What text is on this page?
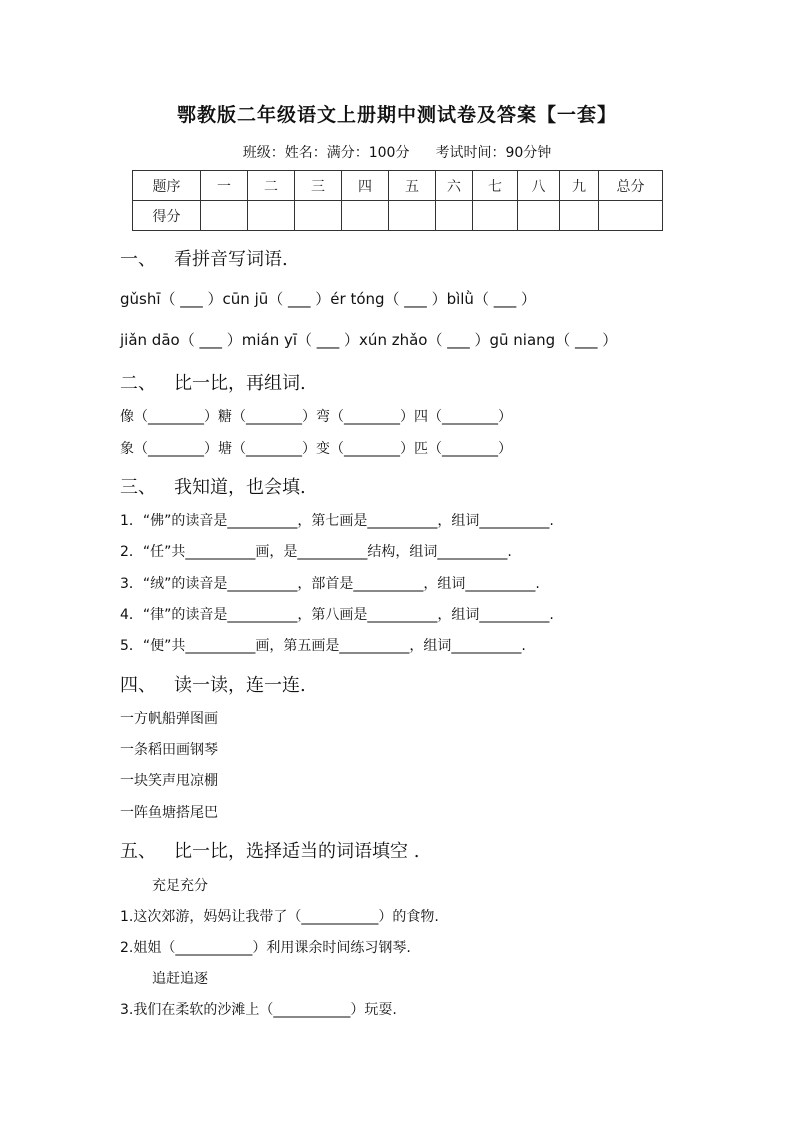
鄂教版二年级语文上册期中测试卷及答案【一套】
班级：姓名：满分：100分 考试时间：90分钟
题序	一	二	三	四	五	六	七	八	九	总分
得分										
一、 看拼音写词语.
gǔshī（ ___ ）cūn jū（ ___ ）ér tóng（ ___ ）bìlǜ（ ___ ）
jiǎn dāo（ ___ ）mián yī（ ___ ）xún zhǎo（ ___ ）gū niang（ ___ ）
二、 比一比，再组词.
像（________）糖（________）弯（________）四（________）
象（________）塘（________）变（________）匹（________）
三、 我知道，也会填.
1．“佛”的读音是__________，第七画是__________，组词__________.
2．“任”共__________画，是__________结构，组词__________.
3．“绒”的读音是__________，部首是__________，组词__________.
4．“律”的读音是__________，第八画是__________，组词__________.
5．“便”共__________画，第五画是__________，组词__________.
四、 读一读，连一连.
一方帆船弹图画
一条稻田画钢琴
一块笑声甩凉棚
一阵鱼塘搭尾巴
五、 比一比，选择适当的词语填空 .
充足充分
1.这次郊游，妈妈让我带了（___________）的食物.
2.姐姐（___________）利用课余时间练习钢琴.
追赶追逐
3.我们在柔软的沙滩上（___________）玩耍.
